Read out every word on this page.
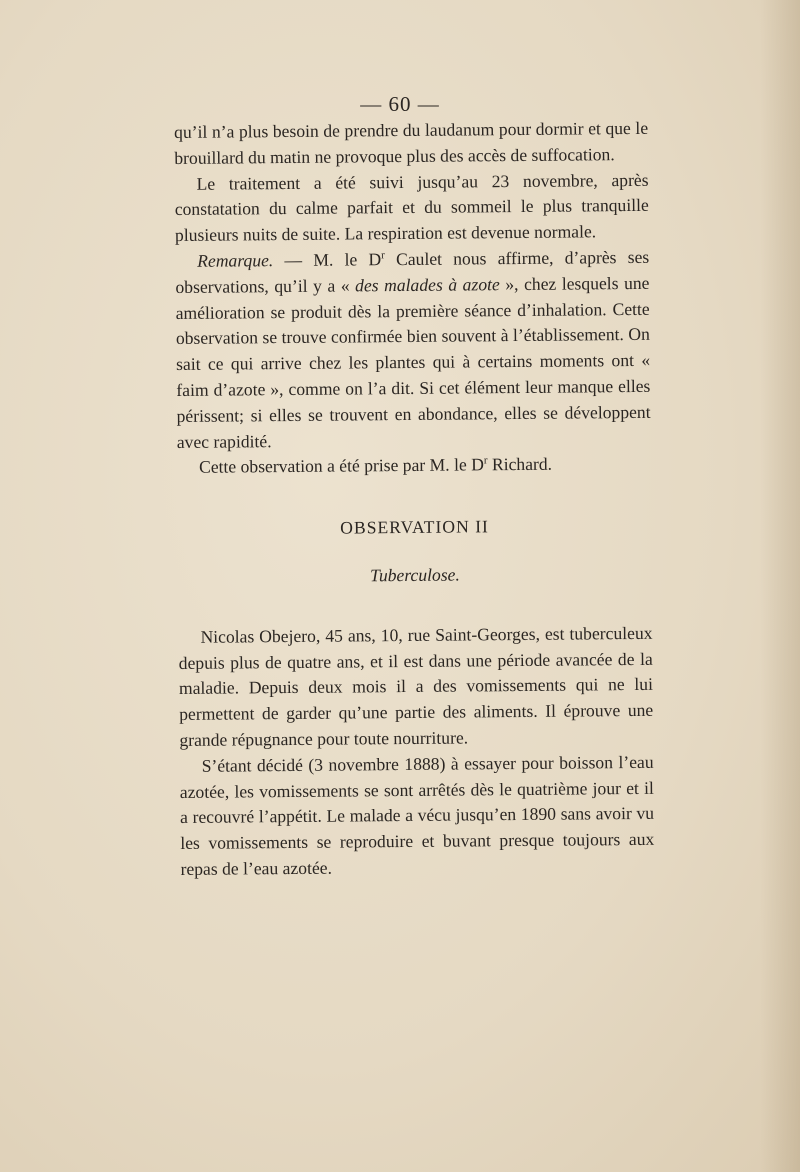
— 60 —

qu’il n’a plus besoin de prendre du laudanum pour dormir et que le brouillard du matin ne provoque plus des accès de suffocation.

Le traitement a été suivi jusqu’au 23 novembre, après constatation du calme parfait et du sommeil le plus tranquille plusieurs nuits de suite. La respiration est devenue normale.

Remarque. — M. le $D^r$ Caulet nous affirme, d’après ses observations, qu’il y a « des malades à azote », chez lesquels une amélioration se produit dès la première séance d’inhalation. Cette observation se trouve confirmée bien souvent à l’établissement. On sait ce qui arrive chez les plantes qui à certains moments ont « faim d’azote », comme on l’a dit. Si cet élément leur manque elles périssent; si elles se trouvent en abondance, elles se développent avec rapidité.

Cette observation a été prise par M. le $D^r$ Richard.

OBSERVATION II

Tuberculose.

Nicolas Obejero, 45 ans, 10, rue Saint-Georges, est tuberculeux depuis plus de quatre ans, et il est dans une période avancée de la maladie. Depuis deux mois il a des vomissements qui ne lui permettent de garder qu’une partie des aliments. Il éprouve une grande répugnance pour toute nourriture.

S’étant décidé (3 novembre 1888) à essayer pour boisson l’eau azotée, les vomissements se sont arrêtés dès le quatrième jour et il a recouvré l’appétit. Le malade a vécu jusqu’en 1890 sans avoir vu les vomissements se reproduire et buvant presque toujours aux repas de l’eau azotée.
